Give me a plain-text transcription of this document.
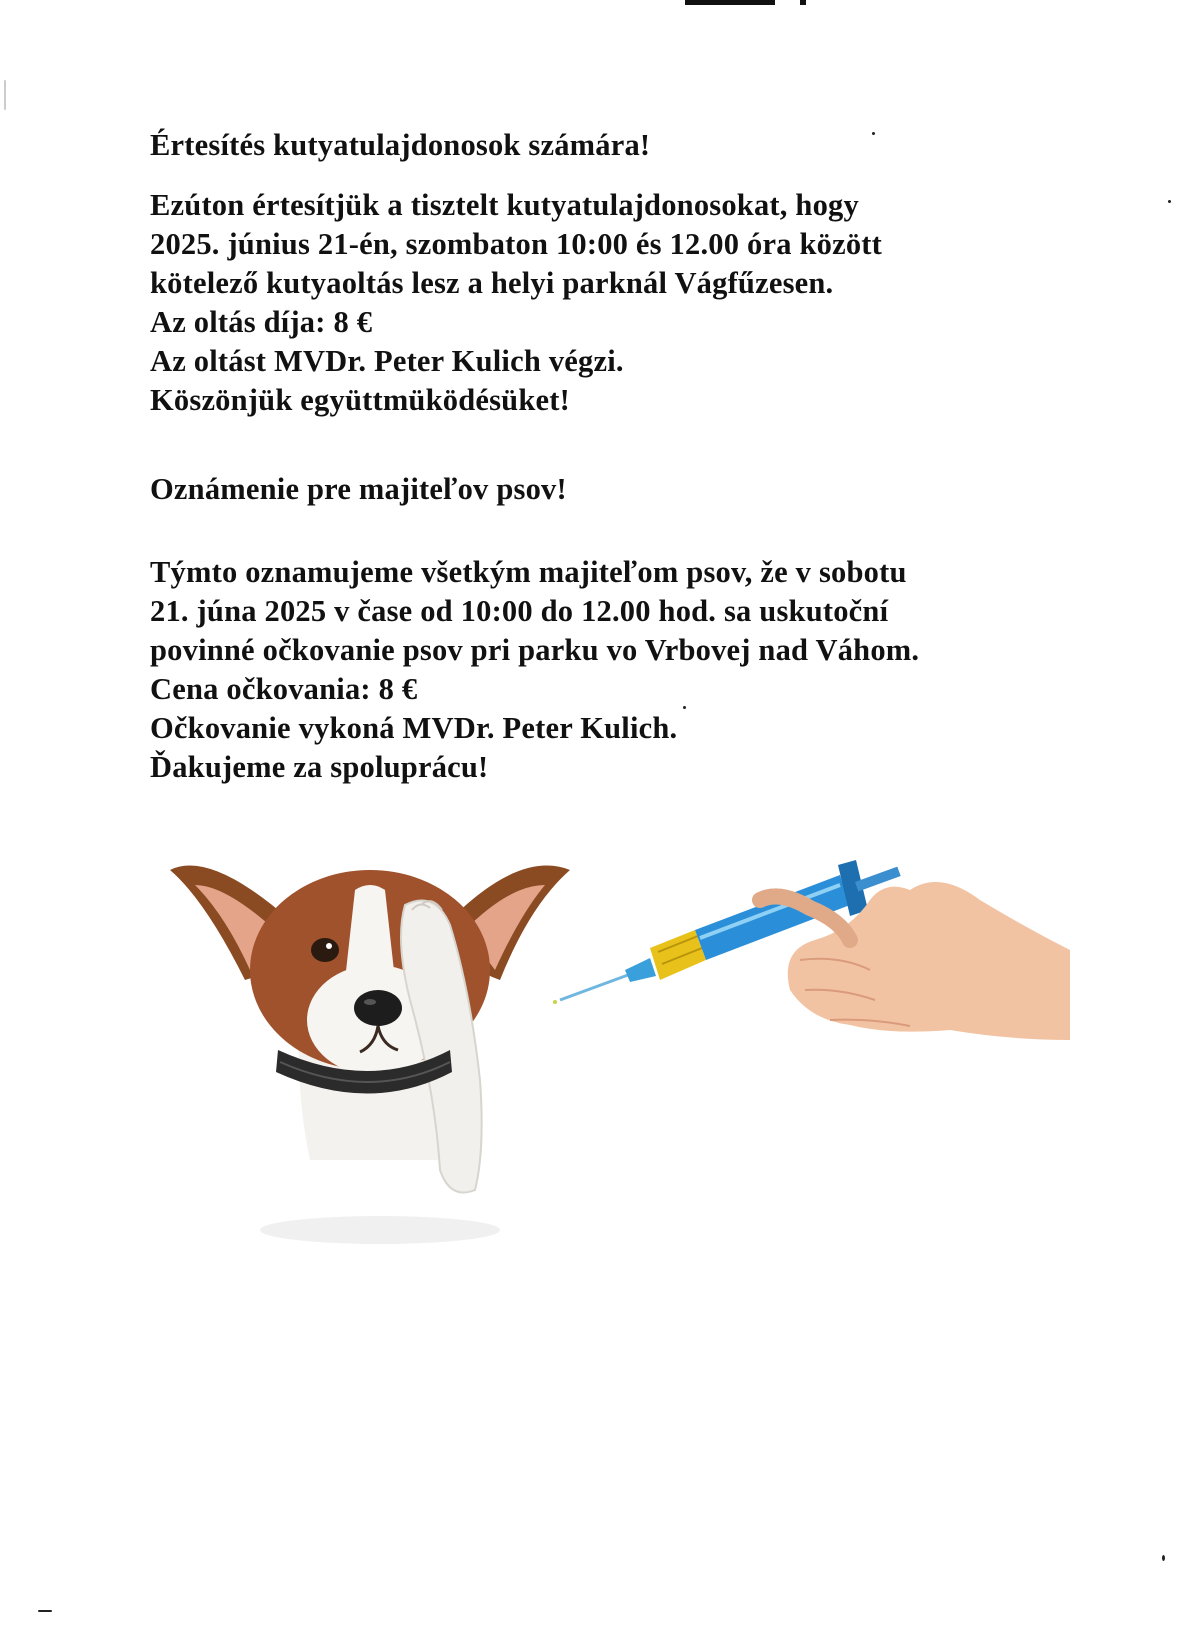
Értesítés kutyatulajdonosok számára!

Ezúton értesítjük a tisztelt kutyatulajdonosokat, hogy

2025. június 21-én, szombaton 10:00 és 12.00 óra között

kötelező kutyaoltás lesz a helyi parknál Vágfűzesen.

Az oltás díja: 8 €

Az oltást MVDr. Peter Kulich végzi.

Köszönjük együttmüködésüket!

Oznámenie pre majiteľov psov!

Týmto oznamujeme všetkým majiteľom psov, že v sobotu

21. júna 2025 v čase od 10:00 do 12.00 hod. sa uskutoční

povinné očkovanie psov pri parku vo Vrbovej nad Váhom.

Cena očkovania: 8 €

Očkovanie vykoná MVDr. Peter Kulich.

Ďakujeme za spoluprácu!
